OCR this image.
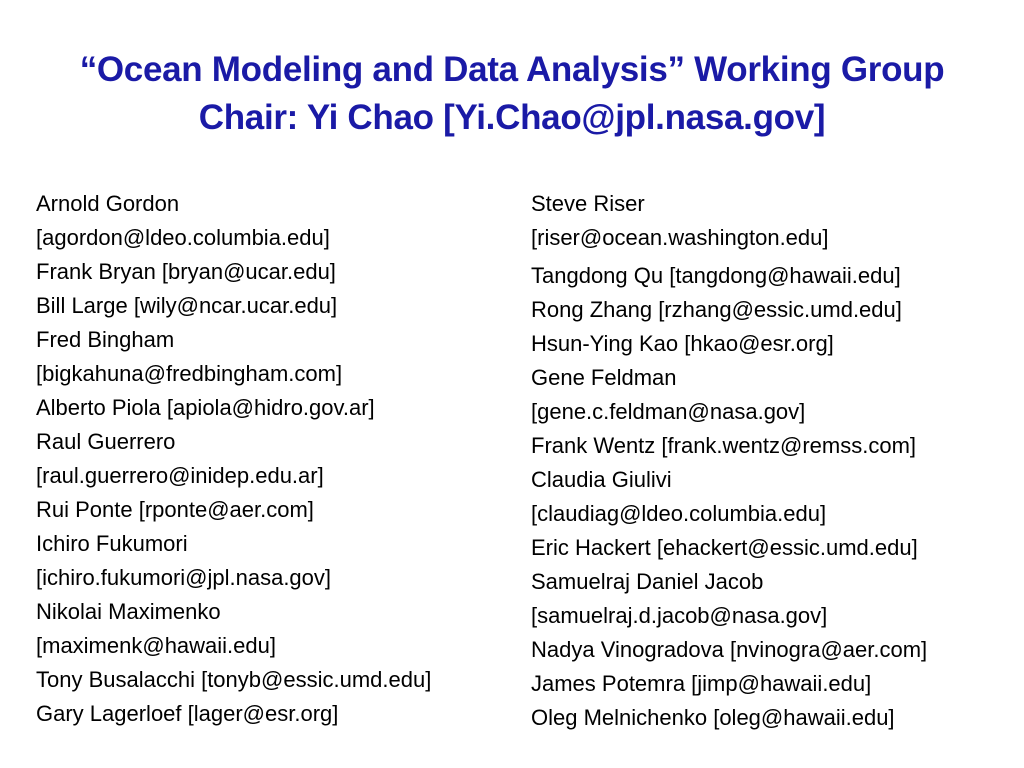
“Ocean Modeling and Data Analysis” Working Group
Chair: Yi Chao [Yi.Chao@jpl.nasa.gov]
Arnold Gordon
[agordon@ldeo.columbia.edu]
Frank Bryan [bryan@ucar.edu]
Bill Large [wily@ncar.ucar.edu]
Fred Bingham
[bigkahuna@fredbingham.com]
Alberto Piola [apiola@hidro.gov.ar]
Raul Guerrero
[raul.guerrero@inidep.edu.ar]
Rui Ponte [rponte@aer.com]
Ichiro Fukumori
[ichiro.fukumori@jpl.nasa.gov]
Nikolai Maximenko
[maximenk@hawaii.edu]
Tony Busalacchi [tonyb@essic.umd.edu]
Gary Lagerloef [lager@esr.org]
Steve Riser
[riser@ocean.washington.edu]
Tangdong Qu [tangdong@hawaii.edu]
Rong Zhang [rzhang@essic.umd.edu]
Hsun-Ying Kao [hkao@esr.org]
Gene Feldman
[gene.c.feldman@nasa.gov]
Frank Wentz [frank.wentz@remss.com]
Claudia Giulivi
[claudiag@ldeo.columbia.edu]
Eric Hackert [ehackert@essic.umd.edu]
Samuelraj Daniel Jacob
[samuelraj.d.jacob@nasa.gov]
Nadya Vinogradova [nvinogra@aer.com]
James Potemra [jimp@hawaii.edu]
Oleg Melnichenko [oleg@hawaii.edu]
